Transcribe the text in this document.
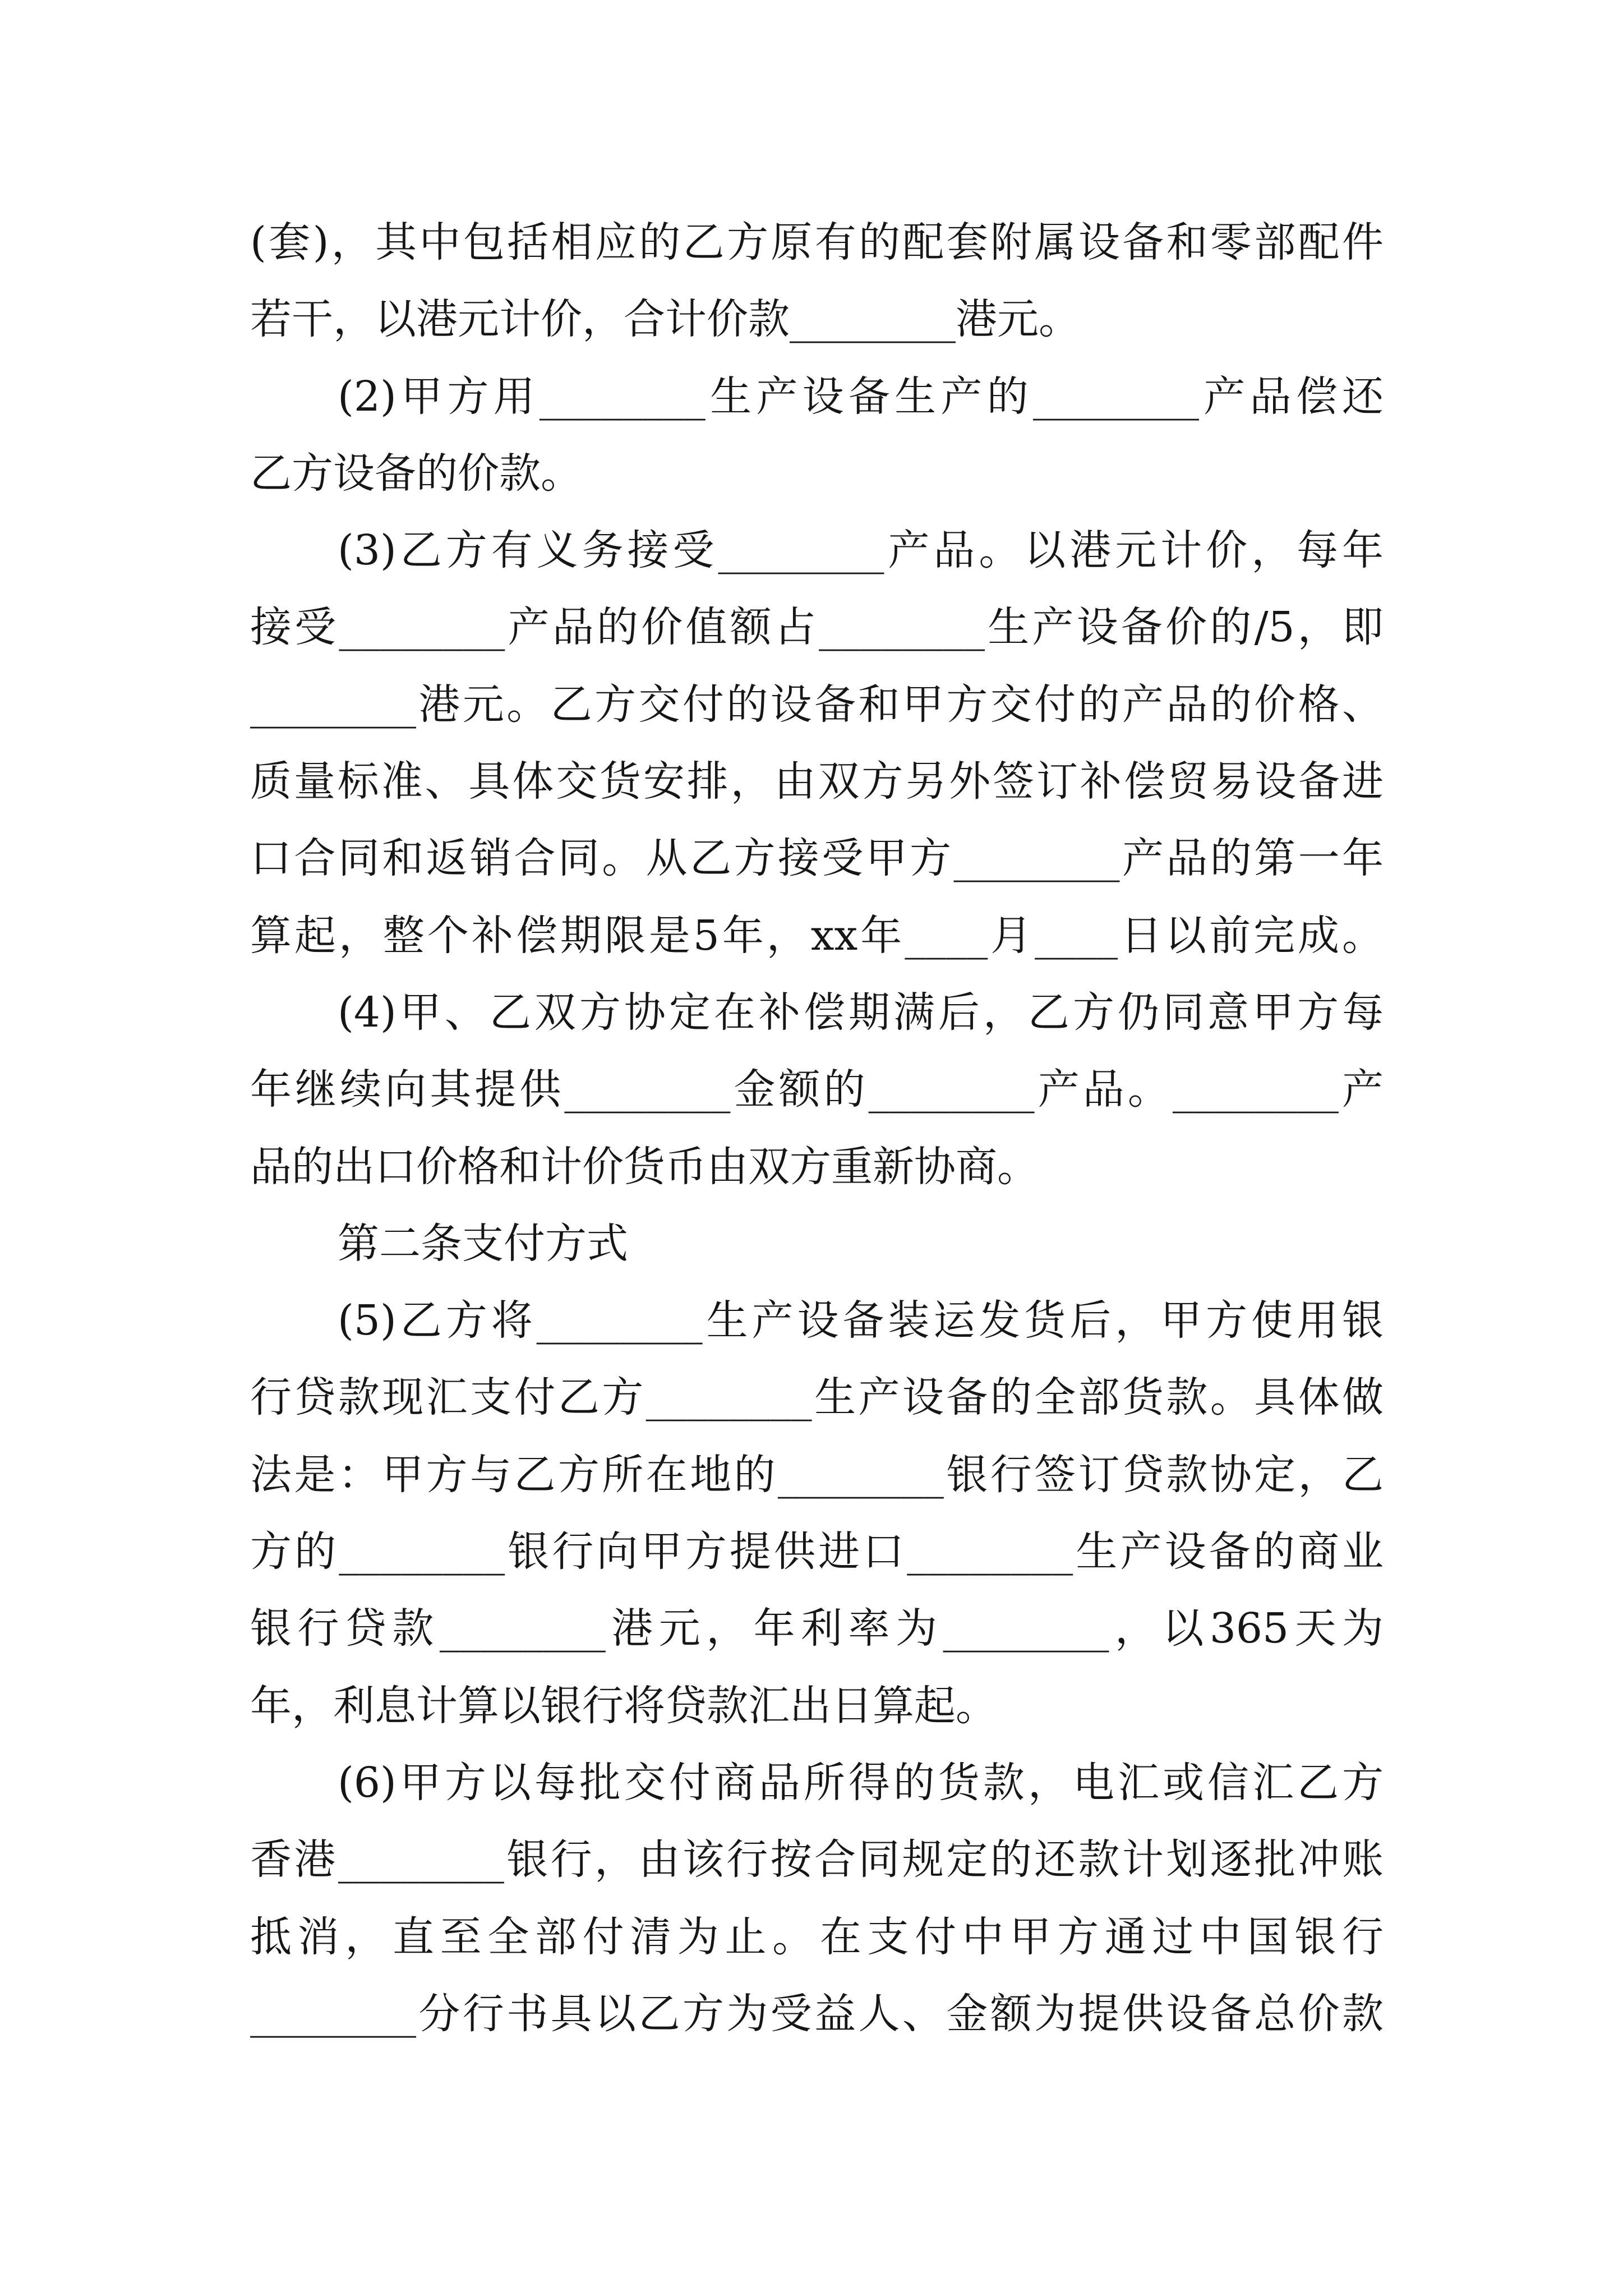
(套)，其中包括相应的乙方原有的配套附属设备和零部配件
若干，以港元计价，合计价款________港元。
(2)甲方用________生产设备生产的________产品偿还
乙方设备的价款。
(3)乙方有义务接受________产品。以港元计价，每年
接受________产品的价值额占________生产设备价的/5，即
________港元。乙方交付的设备和甲方交付的产品的价格、
质量标准、具体交货安排，由双方另外签订补偿贸易设备进
口合同和返销合同。从乙方接受甲方________产品的第一年
算起，整个补偿期限是5年，xx年____月____日以前完成。
(4)甲、乙双方协定在补偿期满后，乙方仍同意甲方每
年继续向其提供________金额的________产品。________产
品的出口价格和计价货币由双方重新协商。
第二条支付方式
(5)乙方将________生产设备装运发货后，甲方使用银
行贷款现汇支付乙方________生产设备的全部货款。具体做
法是：甲方与乙方所在地的________银行签订贷款协定，乙
方的________银行向甲方提供进口________生产设备的商业
银行贷款________港元，年利率为________，以365天为
年，利息计算以银行将贷款汇出日算起。
(6)甲方以每批交付商品所得的货款，电汇或信汇乙方
香港________银行，由该行按合同规定的还款计划逐批冲账
抵消，直至全部付清为止。在支付中甲方通过中国银行
________分行书具以乙方为受益人、金额为提供设备总价款
